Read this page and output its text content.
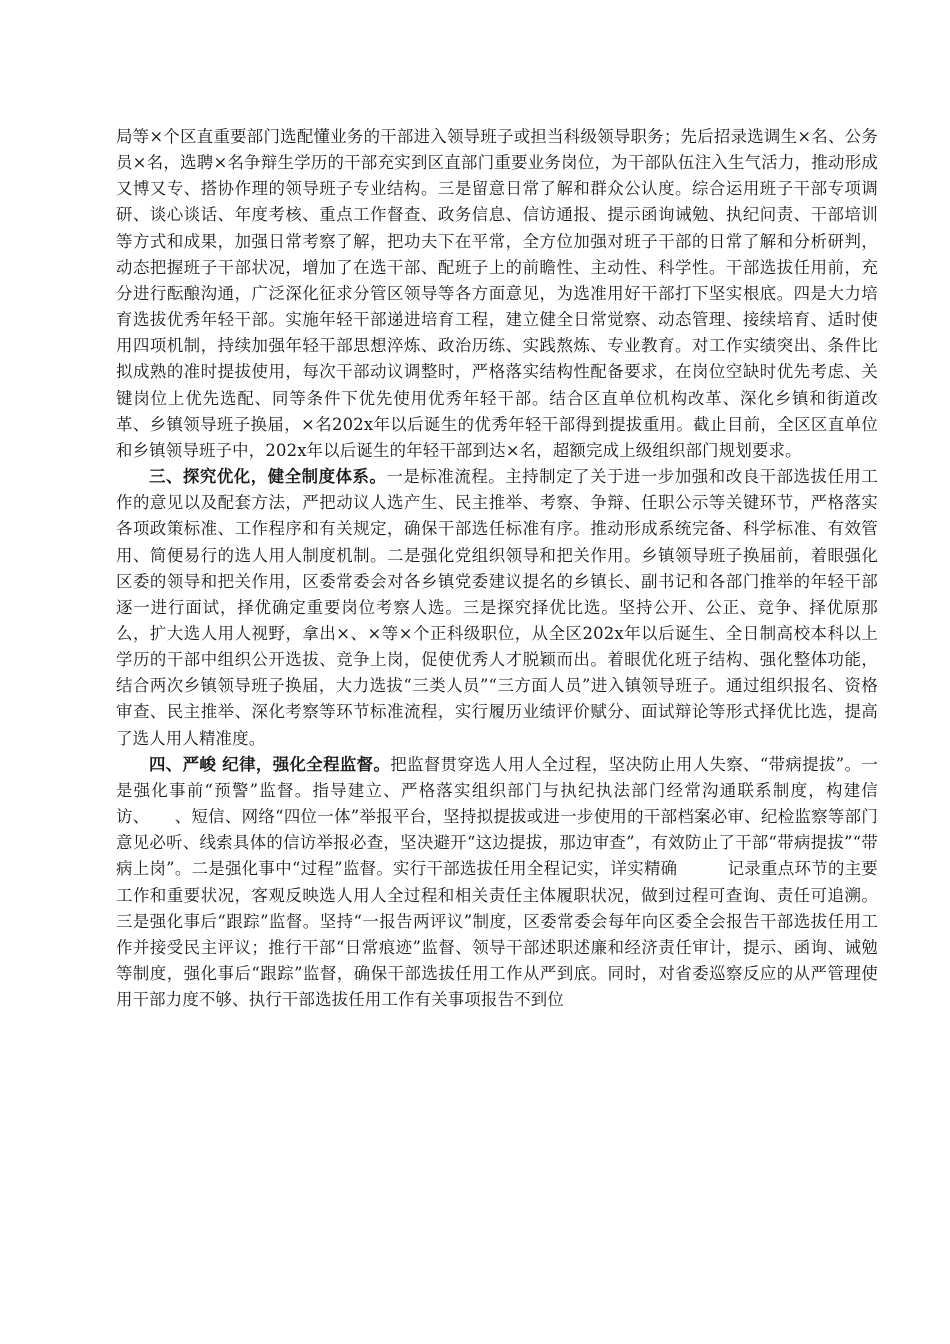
局等×个区直重要部门选配懂业务的干部进入领导班子或担当科级领导职务；先后招录选调生×名、公务员×名，选聘×名争辩生学历的干部充实到区直部门重要业务岗位，为干部队伍注入生气活力，推动形成又博又专、搭协作理的领导班子专业结构。三是留意日常了解和群众公认度。综合运用班子干部专项调研、谈心谈话、年度考核、重点工作督查、政务信息、信访通报、提示函询诫勉、执纪问责、干部培训等方式和成果，加强日常考察了解，把功夫下在平常，全方位加强对班子干部的日常了解和分析研判，动态把握班子干部状况，增加了在选干部、配班子上的前瞻性、主动性、科学性。干部选拔任用前，充分进行酝酿沟通，广泛深化征求分管区领导等各方面意见，为选准用好干部打下坚实根底。四是大力培育选拔优秀年轻干部。实施年轻干部递进培育工程，建立健全日常觉察、动态管理、接续培育、适时使用四项机制，持续加强年轻干部思想淬炼、政治历练、实践熬炼、专业教育。对工作实绩突出、条件比拟成熟的准时提拔使用，每次干部动议调整时，严格落实结构性配备要求，在岗位空缺时优先考虑、关键岗位上优先选配、同等条件下优先使用优秀年轻干部。结合区直单位机构改革、深化乡镇和街道改革、乡镇领导班子换届，×名202x年以后诞生的优秀年轻干部得到提拔重用。截止目前，全区区直单位和乡镇领导班子中，202x年以后诞生的年轻干部到达×名，超额完成上级组织部门规划要求。

三、探究优化，健全制度体系。一是标准流程。主持制定了关于进一步加强和改良干部选拔任用工作的意见以及配套方法，严把动议人选产生、民主推举、考察、争辩、任职公示等关键环节，严格落实各项政策标准、工作程序和有关规定，确保干部选任标准有序。推动形成系统完备、科学标准、有效管用、简便易行的选人用人制度机制。二是强化党组织领导和把关作用。乡镇领导班子换届前，着眼强化区委的领导和把关作用，区委常委会对各乡镇党委建议提名的乡镇长、副书记和各部门推举的年轻干部逐一进行面试，择优确定重要岗位考察人选。三是探究择优比选。坚持公开、公正、竞争、择优原那么，扩大选人用人视野，拿出×、×等×个正科级职位，从全区202x年以后诞生、全日制高校本科以上学历的干部中组织公开选拔、竞争上岗，促使优秀人才脱颖而出。着眼优化班子结构、强化整体功能，结合两次乡镇领导班子换届，大力选拔“三类人员”“三方面人员”进入镇领导班子。通过组织报名、资格审查、民主推举、深化考察等环节标准流程，实行履历业绩评价赋分、面试辩论等形式择优比选，提高了选人用人精准度。

四、严峻 纪律，强化全程监督。把监督贯穿选人用人全过程，坚决防止用人失察、“带病提拔”。一是强化事前“预警”监督。指导建立、严格落实组织部门与执纪执法部门经常沟通联系制度，构建信访、　　、短信、网络“四位一体”举报平台，坚持拟提拔或进一步使用的干部档案必审、纪检监察等部门意见必听、线索具体的信访举报必查，坚决避开“这边提拔，那边审查”，有效防止了干部“带病提拔”“带病上岗”。二是强化事中“过程”监督。实行干部选拔任用全程记实，详实精确　　　记录重点环节的主要工作和重要状况，客观反映选人用人全过程和相关责任主体履职状况，做到过程可查询、责任可追溯。三是强化事后“跟踪”监督。坚持“一报告两评议”制度，区委常委会每年向区委全会报告干部选拔任用工作并接受民主评议；推行干部“日常痕迹”监督、领导干部述职述廉和经济责任审计，提示、函询、诫勉等制度，强化事后“跟踪”监督，确保干部选拔任用工作从严到底。同时，对省委巡察反应的从严管理使用干部力度不够、执行干部选拔任用工作有关事项报告不到位
